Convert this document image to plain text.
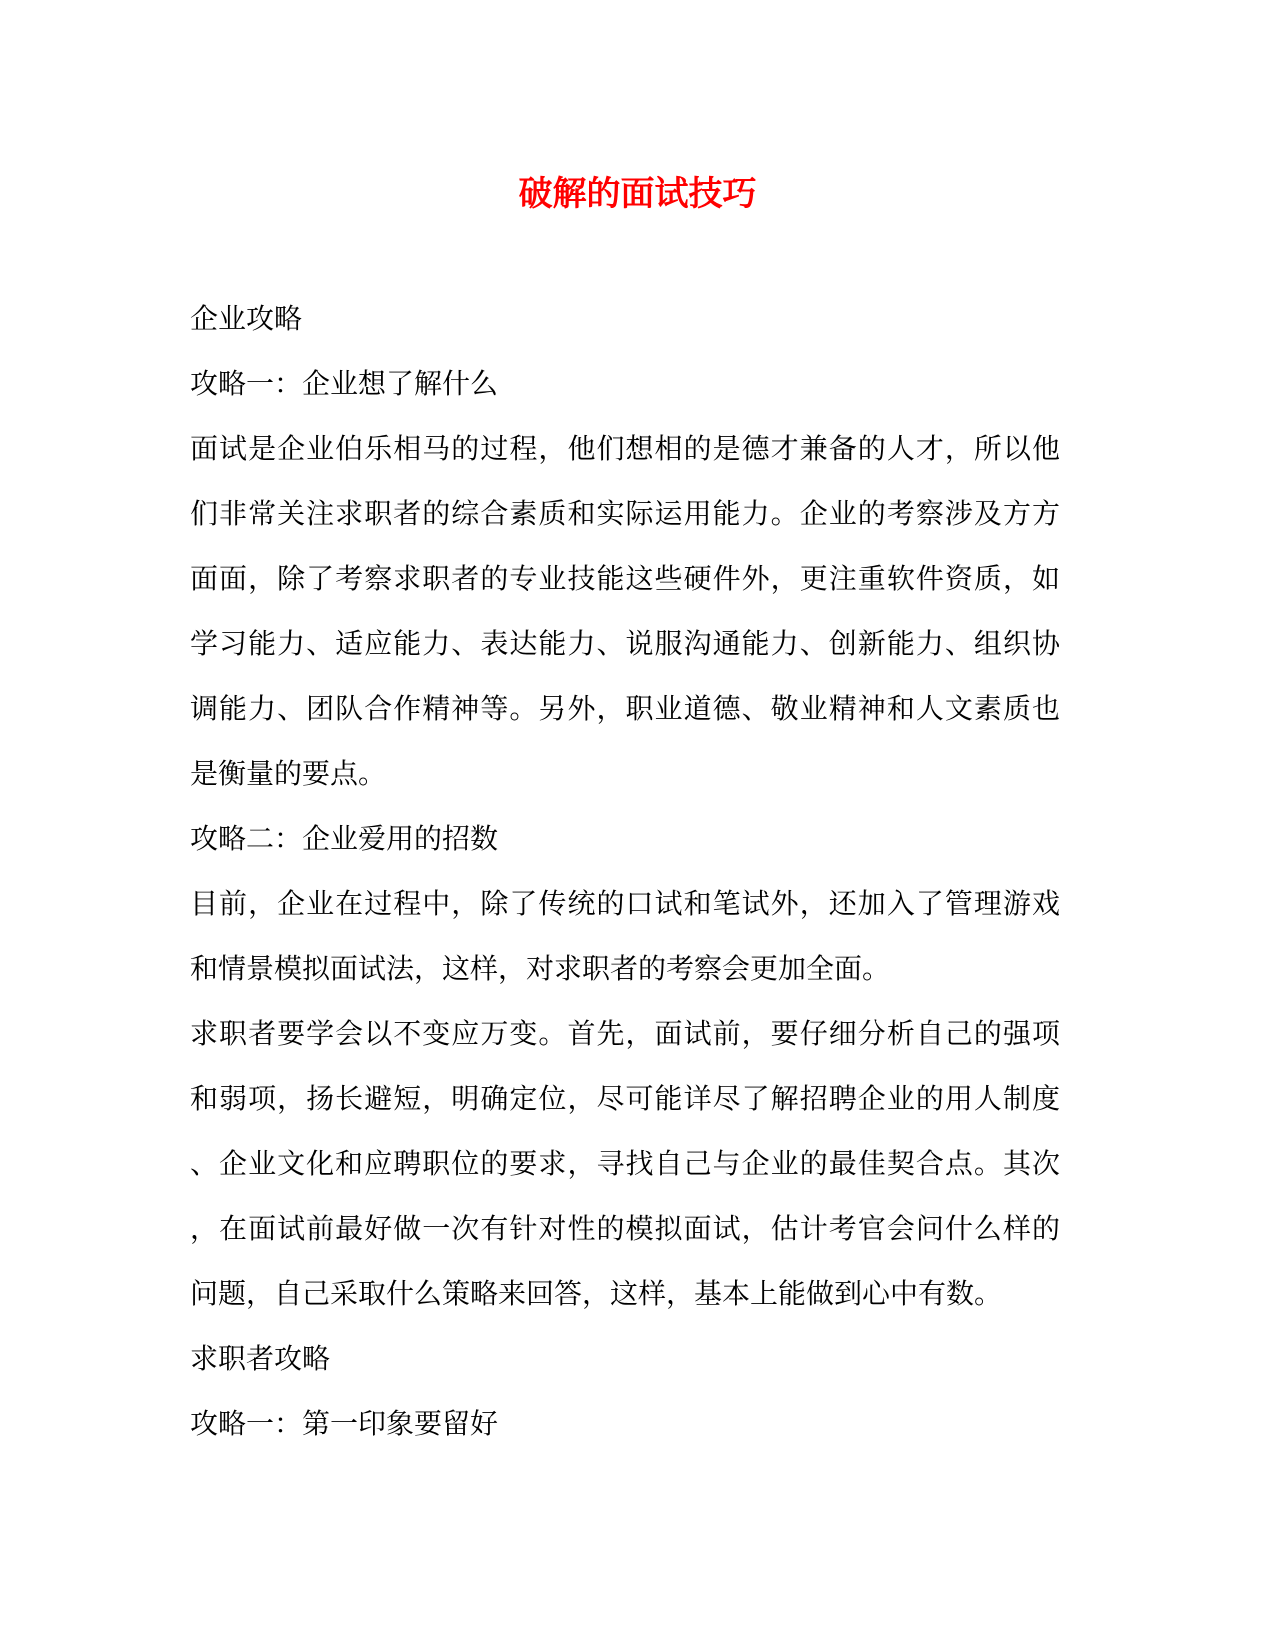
破解的面试技巧
企业攻略
攻略一：企业想了解什么
面试是企业伯乐相马的过程，他们想相的是德才兼备的人才，所以他
们非常关注求职者的综合素质和实际运用能力。企业的考察涉及方方
面面，除了考察求职者的专业技能这些硬件外，更注重软件资质，如
学习能力、适应能力、表达能力、说服沟通能力、创新能力、组织协
调能力、团队合作精神等。另外，职业道德、敬业精神和人文素质也
是衡量的要点。
攻略二：企业爱用的招数
目前，企业在过程中，除了传统的口试和笔试外，还加入了管理游戏
和情景模拟面试法，这样，对求职者的考察会更加全面。
求职者要学会以不变应万变。首先，面试前，要仔细分析自己的强项
和弱项，扬长避短，明确定位，尽可能详尽了解招聘企业的用人制度
、企业文化和应聘职位的要求，寻找自己与企业的最佳契合点。其次
，在面试前最好做一次有针对性的模拟面试，估计考官会问什么样的
问题，自己采取什么策略来回答，这样，基本上能做到心中有数。
求职者攻略
攻略一：第一印象要留好
